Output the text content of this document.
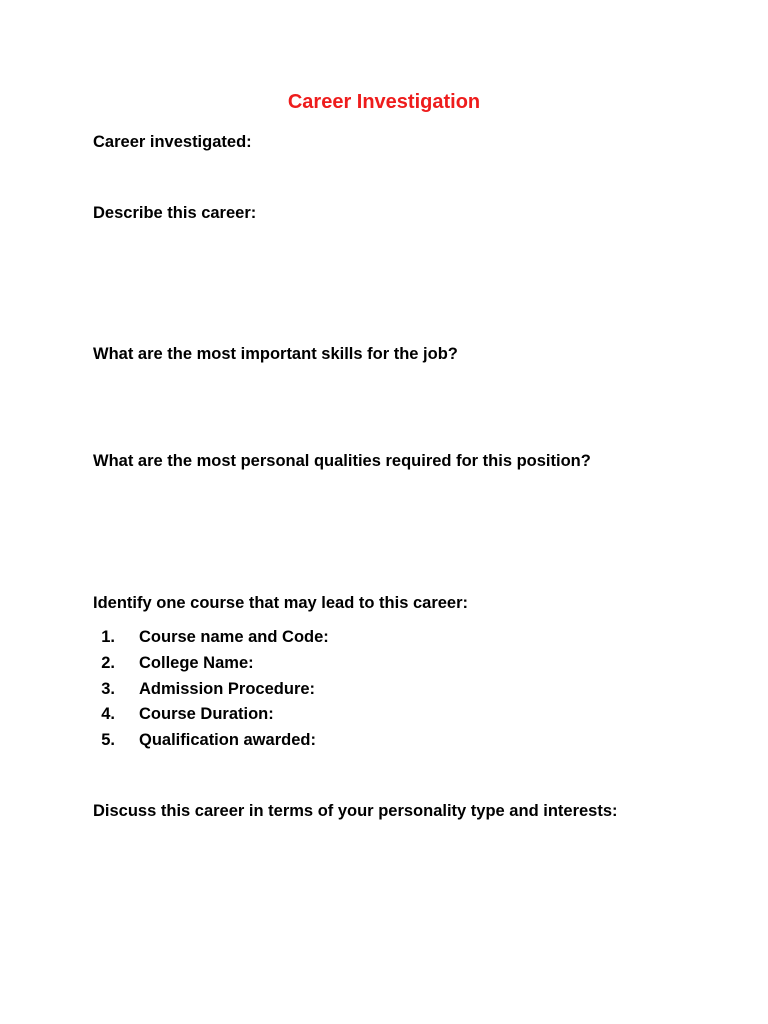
Career Investigation
Career investigated:
Describe this career:
What are the most important skills for the job?
What are the most personal qualities required for this position?
Identify one course that may lead to this career:
1. Course name and Code:
2. College Name:
3. Admission Procedure:
4. Course Duration:
5. Qualification awarded:
Discuss this career in terms of your personality type and interests:
